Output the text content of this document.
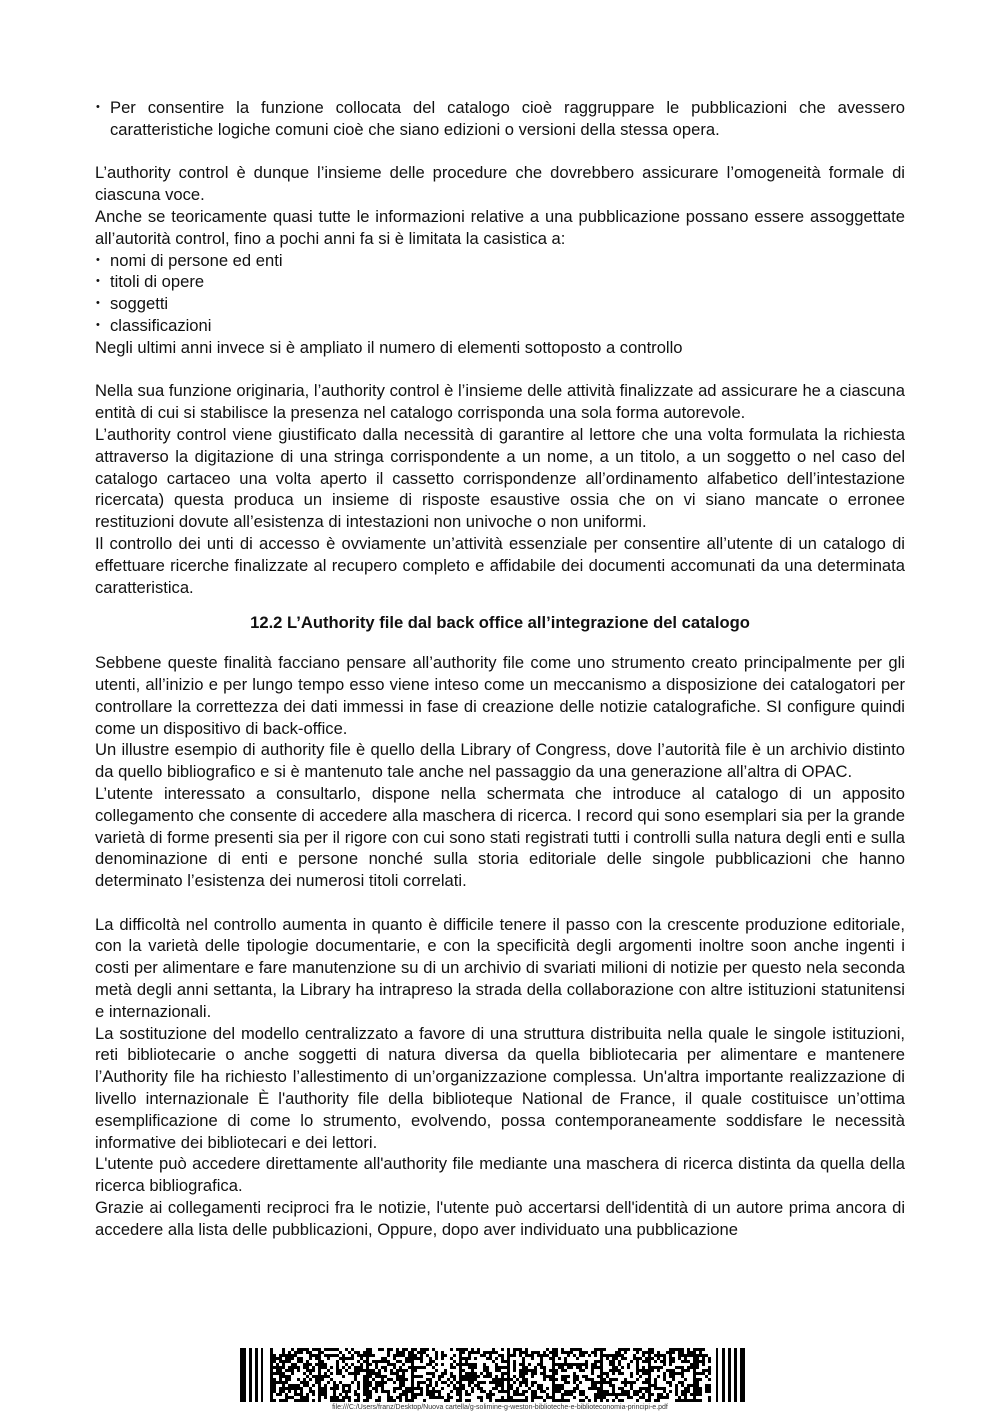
• Per consentire la funzione collocata del catalogo cioè raggruppare le pubblicazioni che avessero caratteristiche logiche comuni cioè che siano edizioni o versioni della stessa opera.

L’authority control è dunque l’insieme delle procedure che dovrebbero assicurare l’omogeneità formale di ciascuna voce.

Anche se teoricamente quasi tutte le informazioni relative a una pubblicazione possano essere assoggettate all’autorità control, fino a pochi anni fa si è limitata la casistica a:

• nomi di persone ed enti
• titoli di opere
• soggetti
• classificazioni

Negli ultimi anni invece si è ampliato il numero di elementi sottoposto a controllo

Nella sua funzione originaria, l’authority control è l’insieme delle attività finalizzate ad assicurare he a ciascuna entità di cui si stabilisce la presenza nel catalogo corrisponda una sola forma autorevole.

L’authority control viene giustificato dalla necessità di garantire al lettore che una volta formulata la richiesta attraverso la digitazione di una stringa corrispondente a un nome, a un titolo, a un soggetto o nel caso del catalogo cartaceo una volta aperto il cassetto corrispondenze all’ordinamento alfabetico dell’intestazione ricercata) questa produca un insieme di risposte esaustive ossia che on vi siano mancate o erronee restituzioni dovute all’esistenza di intestazioni non univoche o non uniformi.

Il controllo dei unti di accesso è ovviamente un’attività essenziale per consentire all’utente di un catalogo di effettuare ricerche finalizzate al recupero completo e affidabile dei documenti accomunati da una determinata caratteristica.

12.2 L’Authority file dal back office all’integrazione del catalogo

Sebbene queste finalità facciano pensare all’authority file come uno strumento creato principalmente per gli utenti, all’inizio e per lungo tempo esso viene inteso come un meccanismo a disposizione dei catalogatori per controllare la correttezza dei dati immessi in fase di creazione delle notizie catalografiche. SI configure quindi come un dispositivo di back-office.

Un illustre esempio di authority file è quello della Library of Congress, dove l’autorità file è un archivio distinto da quello bibliografico e si è mantenuto tale anche nel passaggio da una generazione all’altra di OPAC.

L’utente interessato a consultarlo, dispone nella schermata che introduce al catalogo di un apposito collegamento che consente di accedere alla maschera di ricerca. I record qui sono esemplari sia per la grande varietà di forme presenti sia per il rigore con cui sono stati registrati tutti i controlli sulla natura degli enti e sulla denominazione di enti e persone nonché sulla storia editoriale delle singole pubblicazioni che hanno determinato l’esistenza dei numerosi titoli correlati.

La difficoltà nel controllo aumenta in quanto è difficile tenere il passo con la crescente produzione editoriale, con la varietà delle tipologie documentarie, e con la specificità degli argomenti inoltre soon anche ingenti i costi per alimentare e fare manutenzione su di un archivio di svariati milioni di notizie per questo nela seconda metà degli anni settanta, la Library ha intrapreso la strada della collaborazione con altre istituzioni statunitensi e internazionali.

La sostituzione del modello centralizzato a favore di una struttura distribuita nella quale le singole istituzioni, reti bibliotecarie o anche soggetti di natura diversa da quella bibliotecaria per alimentare e mantenere l’Authority file ha richiesto l’allestimento di un’organizzazione complessa. Un'altra importante realizzazione di livello internazionale È l'authority file della biblioteque National de France, il quale costituisce un’ottima esemplificazione di come lo strumento, evolvendo, possa contemporaneamente soddisfare le necessità informative dei bibliotecari e dei lettori.

L'utente può accedere direttamente all'authority file mediante una maschera di ricerca distinta da quella della ricerca bibliografica.

Grazie ai collegamenti reciproci fra le notizie, l'utente può accertarsi dell'identità di un autore prima ancora di accedere alla lista delle pubblicazioni, Oppure, dopo aver individuato una pubblicazione

file:///C:/Users/franz/Desktop/Nuova cartella/g-solimine-g-weston-biblioteche-e-biblioteconomia-principi-e.pdf
